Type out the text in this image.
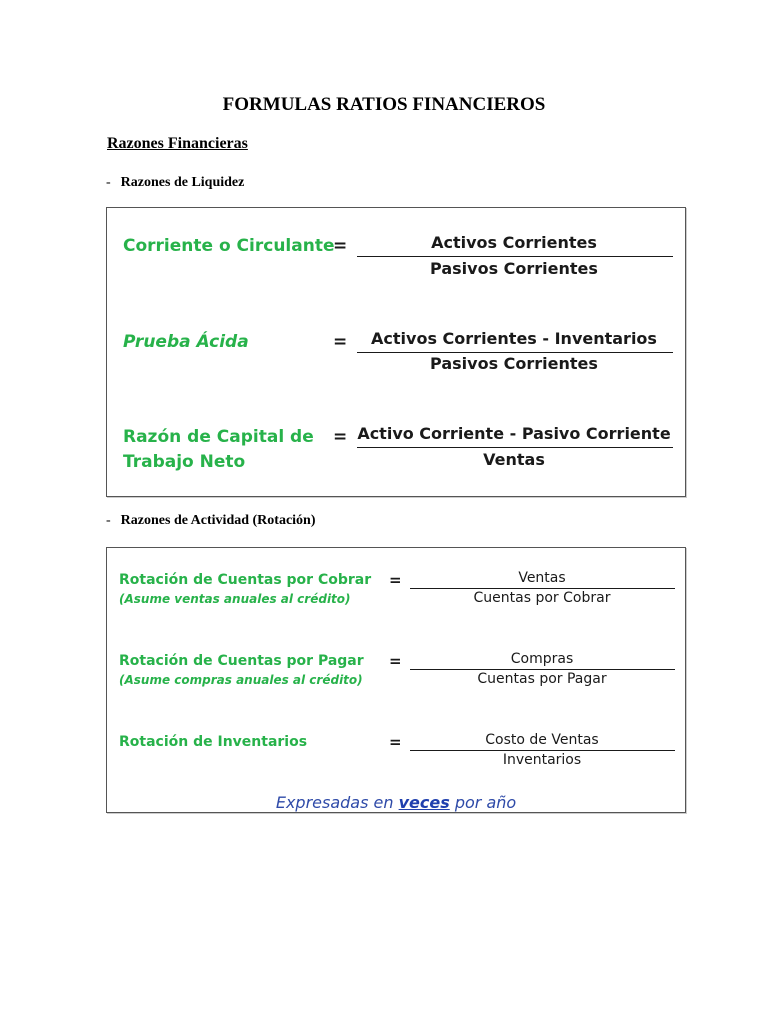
FORMULAS RATIOS FINANCIEROS
Razones Financieras
- Razones de Liquidez
Corriente o Circulante
=	Activos Corrientes
Pasivos Corrientes
Prueba Ácida	=	Activos Corrientes - Inventarios
Pasivos Corrientes
Razón de Capital de
Trabajo Neto
= Activo Corriente - Pasivo Corriente
Ventas
- Razones de Actividad (Rotación)
Rotación de Cuentas por Cobrar
(Asume ventas anuales al crédito)
=	Ventas
Cuentas por Cobrar
Rotación de Cuentas por Pagar
(Asume compras anuales al crédito)
=	Compras
Cuentas por Pagar
Rotación de Inventarios	=	Costo de Ventas
Inventarios
Expresadas en veces por año
